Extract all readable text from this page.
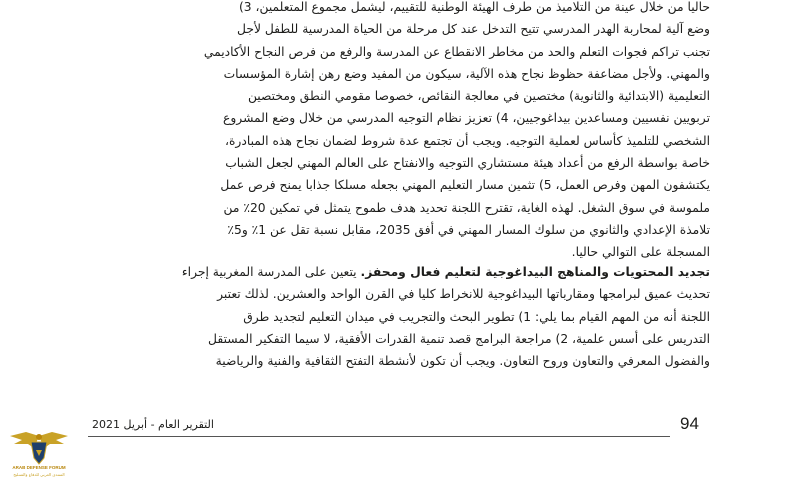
حاليا من خلال عينة من التلاميذ من طرف الهيئة الوطنية للتقييم، ليشمل مجموع المتعلمين، 3)
وضع آلية لمحاربة الهدر المدرسي تتيح التدخل عند كل مرحلة من الحياة المدرسية للطفل لأجل
تجنب تراكم فجوات التعلم والحد من مخاطر الانقطاع عن المدرسة والرفع من فرص النجاح الأكاديمي
والمهني. ولأجل مضاعفة حظوظ نجاح هذه الآلية، سيكون من المفيد وضع رهن إشارة المؤسسات
التعليمية (الابتدائية والثانوية) مختصين في معالجة النقائص، خصوصا مقومي النطق ومختصين
تربويين نفسيين ومساعدين بيداغوجيين، 4) تعزيز نظام التوجيه المدرسي من خلال وضع المشروع
الشخصي للتلميذ كأساس لعملية التوجيه. ويجب أن تجتمع عدة شروط لضمان نجاح هذه المبادرة،
خاصة بواسطة الرفع من أعداد هيئة مستشاري التوجيه والانفتاح على العالم المهني لجعل الشباب
يكتشفون المهن وفرص العمل، 5) تثمين مسار التعليم المهني بجعله مسلكا جذابا يمنح فرص عمل
ملموسة في سوق الشغل. لهذه الغاية، تقترح اللجنة تحديد هدف طموح يتمثل في تمكين 20٪ من
تلامذة الإعدادي والثانوي من سلوك المسار المهني في أفق 2035، مقابل نسبة تقل عن 1٪ و5٪
المسجلة على التوالي حاليا.
تجديد المحتويات والمناهج البيداغوجية لتعليم فعال ومحفز. يتعين على المدرسة المغربية إجراء
تحديث عميق لبرامجها ومقارباتها البيداغوجية للانخراط كليا في القرن الواحد والعشرين. لذلك تعتبر
اللجنة أنه من المهم القيام بما يلي: 1) تطوير البحث والتجريب في ميدان التعليم لتجديد طرق
التدريس على أسس علمية، 2) مراجعة البرامج قصد تنمية القدرات الأفقية، لا سيما التفكير المستقل
والفضول المعرفي والتعاون وروح التعاون. ويجب أن تكون لأنشطة التفتح الثقافية والفنية والرياضية
94
التقرير العام - أبريل 2021
ARAB DEFENSE FORUM
المنتدى العربي للدفاع والتسليح
